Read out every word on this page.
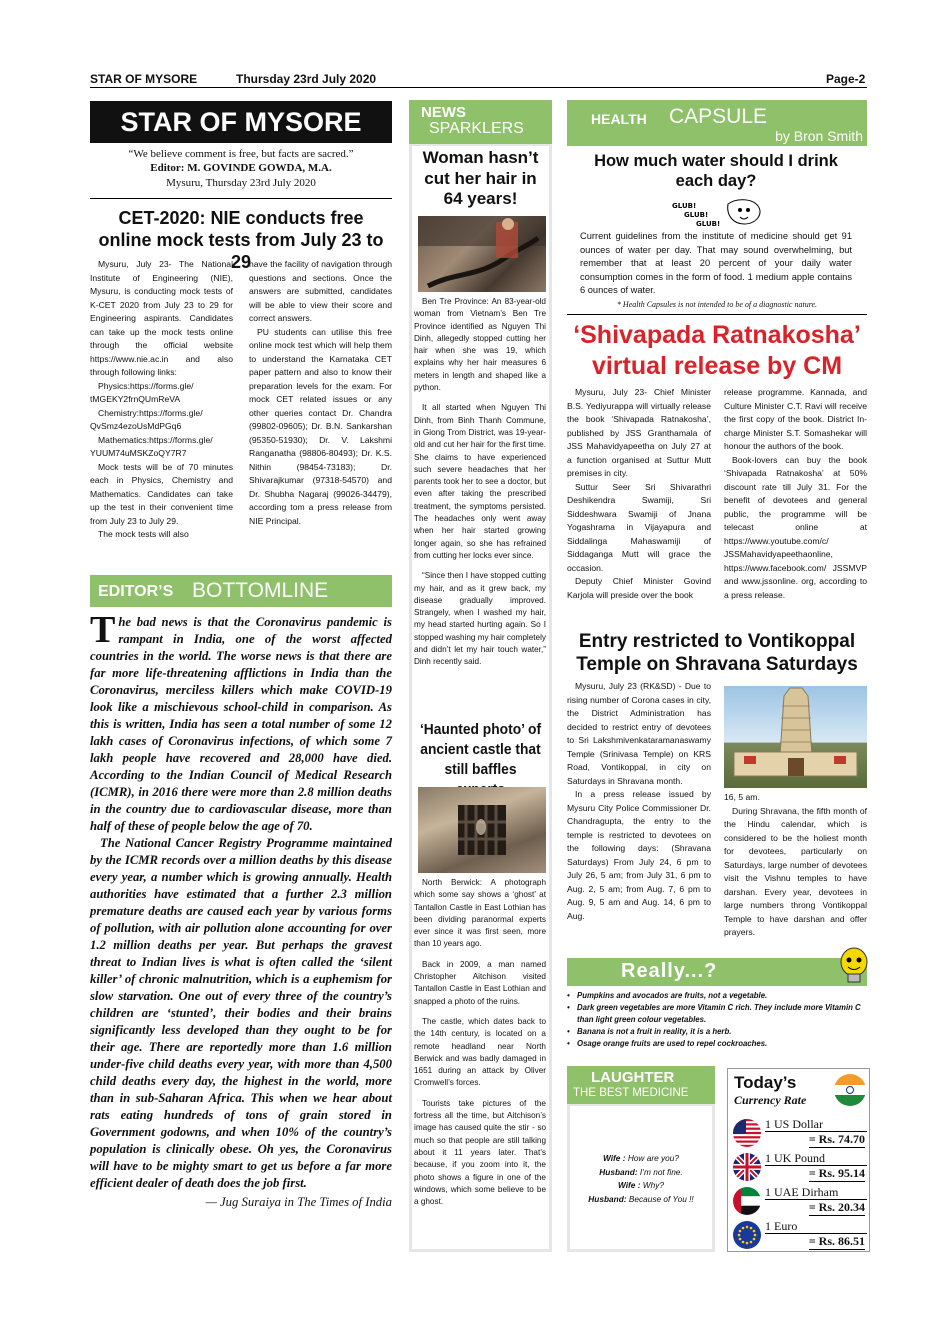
STAR OF MYSORE	Thursday 23rd July 2020	Page-2
STAR OF MYSORE
“We believe comment is free, but facts are sacred.”
Editor: M. GOVINDE GOWDA, M.A.
Mysuru, Thursday 23rd July 2020
CET-2020: NIE conducts free online mock tests from July 23 to 29

Mysuru, July 23- The National Institute of Engineering (NIE), Mysuru, is conducting mock tests of K-CET 2020 from July 23 to 29 for Engineering aspirants. Candidates can take up the mock tests online through the official website https://www.nie.ac.in and also through following links:

Physics:https://forms.gle/ tMGEKY2frnQUmReVA

Chemistry:https://forms.gle/ QvSmz4ezoUsMdPGq6

Mathematics:https://forms.gle/ YUUM74uMSKZoQY7R7

Mock tests will be of 70 minutes each in Physics, Chemistry and Mathematics. Candidates can take up the test in their convenient time from July 23 to July 29.

The mock tests will also

have the facility of navigation through questions and sections. Once the answers are submitted, candidates will be able to view their score and correct answers.

PU students can utilise this free online mock test which will help them to understand the Karnataka CET paper pattern and also to know their preparation levels for the exam. For mock CET related issues or any other queries contact Dr. Chandra (99802-09605); Dr. B.N. Sankarshan (95350-51930); Dr. V. Lakshmi Ranganatha (98806-80493); Dr. K.S. Nithin (98454-73183); Dr. Shivarajkumar (97318-54570) and Dr. Shubha Nagaraj (99026-34479), according tom a press release from NIE Principal.

EDITOR’S BOTTOMLINE

The bad news is that the Coronavirus pandemic is rampant in India, one of the worst affected countries in the world. The worse news is that there are far more life-threatening afflictions in India than the Coronavirus, merciless killers which make COVID-19 look like a mischievous school-child in comparison. As this is written, India has seen a total number of some 12 lakh cases of Coronavirus infections, of which some 7 lakh people have recovered and 28,000 have died. According to the Indian Council of Medical Research (ICMR), in 2016 there were more than 2.8 million deaths in the country due to cardiovascular disease, more than half of these of people below the age of 70.

The National Cancer Registry Programme maintained by the ICMR records over a million deaths by this disease every year, a number which is growing annually. Health authorities have estimated that a further 2.3 million premature deaths are caused each year by various forms of pollution, with air pollution alone accounting for over 1.2 million deaths per year. But perhaps the gravest threat to Indian lives is what is often called the ‘silent killer’ of chronic malnutrition, which is a euphemism for slow starvation. One out of every three of the country’s children are ‘stunted’, their bodies and their brains significantly less developed than they ought to be for their age. There are reportedly more than 1.6 million under-five child deaths every year, with more than 4,500 child deaths every day, the highest in the world, more than in sub-Saharan Africa. This when we hear about rats eating hundreds of tons of grain stored in Government godowns, and when 10% of the country’s population is clinically obese. Oh yes, the Coronavirus will have to be mighty smart to get us before a far more efficient dealer of death does the job first.

— Jug Suraiya in The Times of India

NEWS
SPARKLERS
Woman hasn’t cut her hair in 64 years!

Ben Tre Province: An 83-year-old woman from Vietnam’s Ben Tre Province identified as Nguyen Thi Dinh, allegedly stopped cutting her hair when she was 19, which explains why her hair measures 6 meters in length and shaped like a python.

It all started when Nguyen Thi Dinh, from Binh Thanh Commune, in Giong Trom District, was 19-year-old and cut her hair for the first time. She claims to have experienced such severe headaches that her parents took her to see a doctor, but even after taking the prescribed treatment, the symptoms persisted. The headaches only went away when her hair started growing longer again, so she has refrained from cutting her locks ever since.

“Since then I have stopped cutting my hair, and as it grew back, my disease gradually improved. Strangely, when I washed my hair, my head started hurting again. So I stopped washing my hair completely and didn’t let my hair touch water,” Dinh recently said.

‘Haunted photo’ of ancient castle that still baffles

North Berwick: A photograph which some say shows a ‘ghost’ at Tantallon Castle in East Lothian has been dividing paranormal experts ever since it was first seen, more than 10 years ago.

Back in 2009, a man named Christopher Aitchison visited Tantallon Castle in East Lothian and snapped a photo of the ruins.

The castle, which dates back to the 14th century, is located on a remote headland near North Berwick and was badly damaged in 1651 during an attack by Oliver Cromwell’s forces.

Tourists take pictures of the fortress all the time, but Aitchison’s image has caused quite the stir - so much so that people are still talking about it 11 years later. That’s because, if you zoom into it, the photo shows a figure in one of the windows, which some believe to be a ghost.

HEALTH CAPSULE
by Bron Smith
How much water should I drink each day?
GLUB!
GLUB!
GLUB!
Current guidelines from the institute of medicine should get 91 ounces of water per day. That may sound overwhelming, but remember that at least 20 percent of your daily water consumption comes in the form of food. 1 medium apple contains 6 ounces of water.
* Health Capsules is not intended to be of a diagnostic nature.
‘Shivapada Ratnakosha’ virtual release by CM

Mysuru, July 23- Chief Minister B.S. Yediyurappa will virtually release the book ‘Shivapada Ratnakosha’, published by JSS Granthamala of JSS Mahavidyapeetha on July 27 at a function organised at Suttur Mutt premises in city.

Suttur Seer Sri Shivarathri Deshikendra Swamiji, Sri Siddeshwara Swamiji of Jnana Yogashrama in Vijayapura and Siddalinga Mahaswamiji of Siddaganga Mutt will grace the occasion.

Deputy Chief Minister Govind Karjola will preside over the book

release programme. Kannada, and Culture Minister C.T. Ravi will receive the first copy of the book. District In-charge Minister S.T. Somashekar will honour the authors of the book.

Book-lovers can buy the book ‘Shivapada Ratnakosha’ at 50% discount rate till July 31. For the benefit of devotees and general public, the programme will be telecast online at https://www.youtube.com/c/ JSSMahavidyapeethaonline, https://www.facebook.com/ JSSMVP and www.jssonline. org, according to a press release.

Entry restricted to Vontikoppal Temple on Shravana Saturdays

Mysuru, July 23 (RK&SD) - Due to rising number of Corona cases in city, the District Administration has decided to restrict entry of devotees to Sri Lakshmivenkataramanaswamy Temple (Srinivasa Temple) on KRS Road, Vontikoppal, in city on Saturdays in Shravana month.

In a press release issued by Mysuru City Police Commissioner Dr. Chandragupta, the entry to the temple is restricted to devotees on the following days: (Shravana Saturdays) From July 24, 6 pm to July 26, 5 am; from July 31, 6 pm to Aug. 2, 5 am; from Aug. 7, 6 pm to Aug. 9, 5 am and Aug. 14, 6 pm to Aug.

16, 5 am.

During Shravana, the fifth month of the Hindu calendar, which is considered to be the holiest month for devotees, particularly on Saturdays, large number of devotees visit the Vishnu temples to have darshan. Every year, devotees in large numbers throng Vontikoppal Temple to have darshan and offer prayers.

Really...?
• Pumpkins and avocados are fruits, not a vegetable.
• Dark green vegetables are more Vitamin C rich. They include more Vitamin C than light green colour vegetables.
• Banana is not a fruit in reality, it is a herb.
• Osage orange fruits are used to repel cockroaches.
LAUGHTER
THE BEST MEDICINE
Wife : How are you?
Husband: I’m not fine.
Wife : Why?
Husband: Because of You !!
Today’s
Currency Rate
1 US Dollar
= Rs. 74.70
1 UK Pound
= Rs. 95.14
1 UAE Dirham
= Rs. 20.34
1 Euro
= Rs. 86.51
